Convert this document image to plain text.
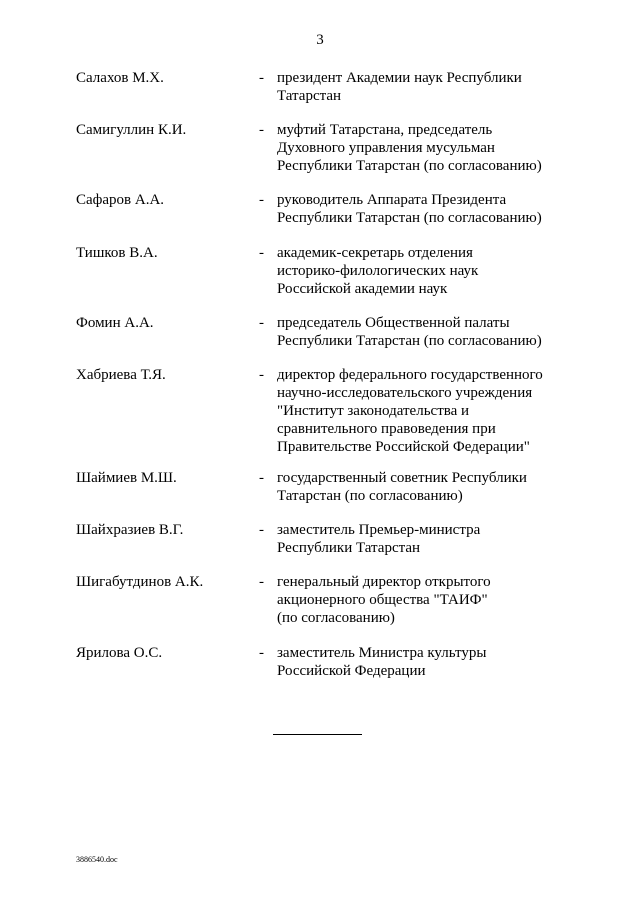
3
Салахов М.Х.	- президент Академии наук Республики
Татарстан
Самигуллин К.И.	- муфтий Татарстана, председатель
Духовного управления мусульман
Республики Татарстан (по согласованию)
Сафаров А.А.	- руководитель Аппарата Президента
Республики Татарстан (по согласованию)
Тишков В.А.	- академик-секретарь отделения
историко-филологических наук
Российской академии наук
Фомин А.А.	- председатель Общественной палаты
Республики Татарстан (по согласованию)
Хабриева Т.Я.	- директор федерального государственного
научно-исследовательского учреждения
"Институт законодательства и
сравнительного правоведения при
Правительстве Российской Федерации"
Шаймиев М.Ш.	- государственный советник Республики
Татарстан (по согласованию)
Шайхразиев В.Г.	- заместитель Премьер-министра
Республики Татарстан
Шигабутдинов А.К.	- генеральный директор открытого
акционерного общества "ТАИФ"
(по согласованию)
Ярилова О.С.	- заместитель Министра культуры
Российской Федерации
3886540.doc
